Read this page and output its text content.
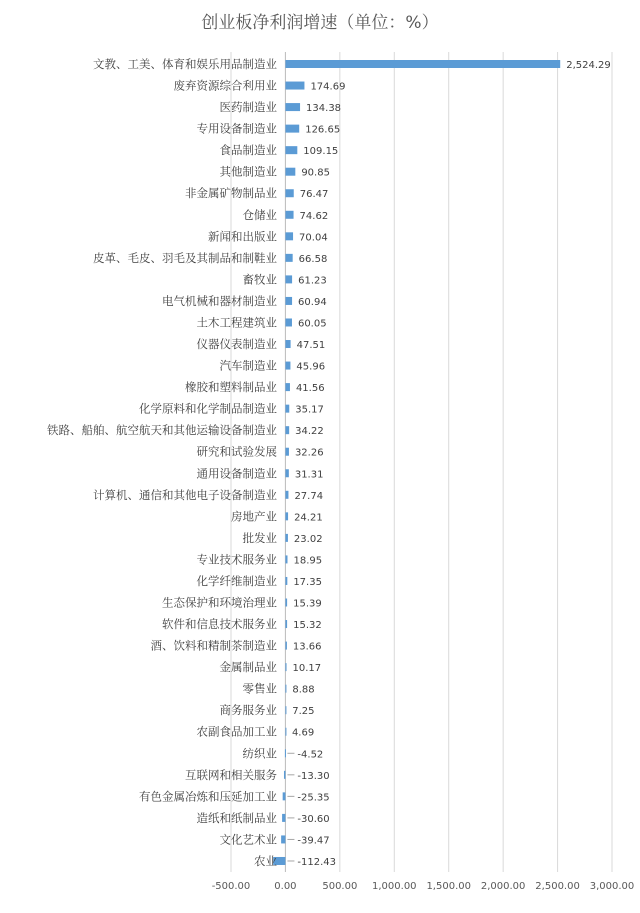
创业板净利润增速（单位：%）
-500.00 0.00	500.00 1,000.00 1,500.00 2,000.00 2,500.00 3,000.00
文教、工美、体育和娱乐用品制造业	2,524.29
废弃资源综合利用业	174.69
医药制造业	134.38
专用设备制造业	126.65
食品制造业	109.15
其他制造业 90.85
非金属矿物制品业 76.47
仓储业 74.62
新闻和出版业 70.04
皮革、毛皮、羽毛及其制品和制鞋业 66.58
畜牧业 61.23
电气机械和器材制造业 60.94
土木工程建筑业 60.05
仪器仪表制造业 47.51
汽车制造业 45.96
橡胶和塑料制品业 41.56
化学原料和化学制品制造业 35.17
铁路、船舶、航空航天和其他运输设备制造业 34.22
研究和试验发展 32.26
通用设备制造业 31.31
计算机、通信和其他电子设备制造业 27.74
房地产业 24.21
批发业 23.02
专业技术服务业 18.95
化学纤维制造业 17.35
生态保护和环境治理业 15.39
软件和信息技术服务业 15.32
酒、饮料和精制茶制造业 13.66
金属制品业 10.17
零售业 8.88
商务服务业 7.25
农副食品加工业 4.69
纺织业 -4.52
互联网和相关服务 -13.30
有色金属冶炼和压延加工业 -25.35
造纸和纸制品业 -30.60
文化艺术业 -39.47
农业 -112.43
